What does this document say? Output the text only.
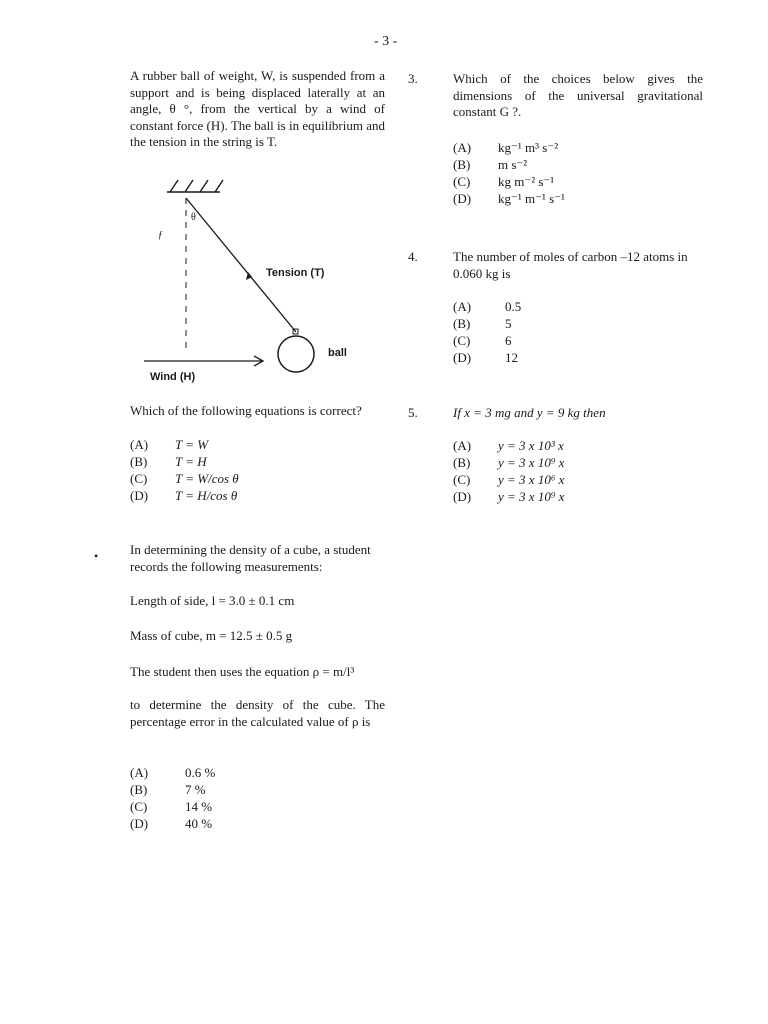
- 3 -

A rubber ball of weight, W, is suspended from a support and is being displaced laterally at an angle, θ °, from the vertical by a wind of constant force (H). The ball is in equilibrium and the tension in the string is T.

θ
ƒ
Tension (T)
ball
Wind (H)

Which of the following equations is correct?

(A)	T = W
(B)	T = H
(C)	T = W/cos θ
(D)	T = H/cos θ
• In determining the density of a cube, a student records the following measurements:

Length of side, l = 3.0 ± 0.1 cm

Mass of cube, m = 12.5 ± 0.5 g

The student then uses the equation ρ = m/l³

to determine the density of the cube. The percentage error in the calculated value of ρ is

(A)	0.6 %
(B)	7 %
(C)	14 %
(D)	40 %
3.	Which of the choices below gives the dimensions of the universal gravitational constant G ?.

(A)	kg⁻¹ m³ s⁻²
(B)	m s⁻²
(C)	kg m⁻² s⁻¹
(D)	kg⁻¹ m⁻¹ s⁻¹
4.	The number of moles of carbon –12 atoms in 0.060 kg is

(A)	0.5
(B)	5
(C)	6
(D)	12
5.	If x = 3 mg and y = 9 kg then

(A)	y = 3 x 10³ x
(B)	y = 3 x 10⁹ x
(C)	y = 3 x 10⁶ x
(D)	y = 3 x 10⁹ x
